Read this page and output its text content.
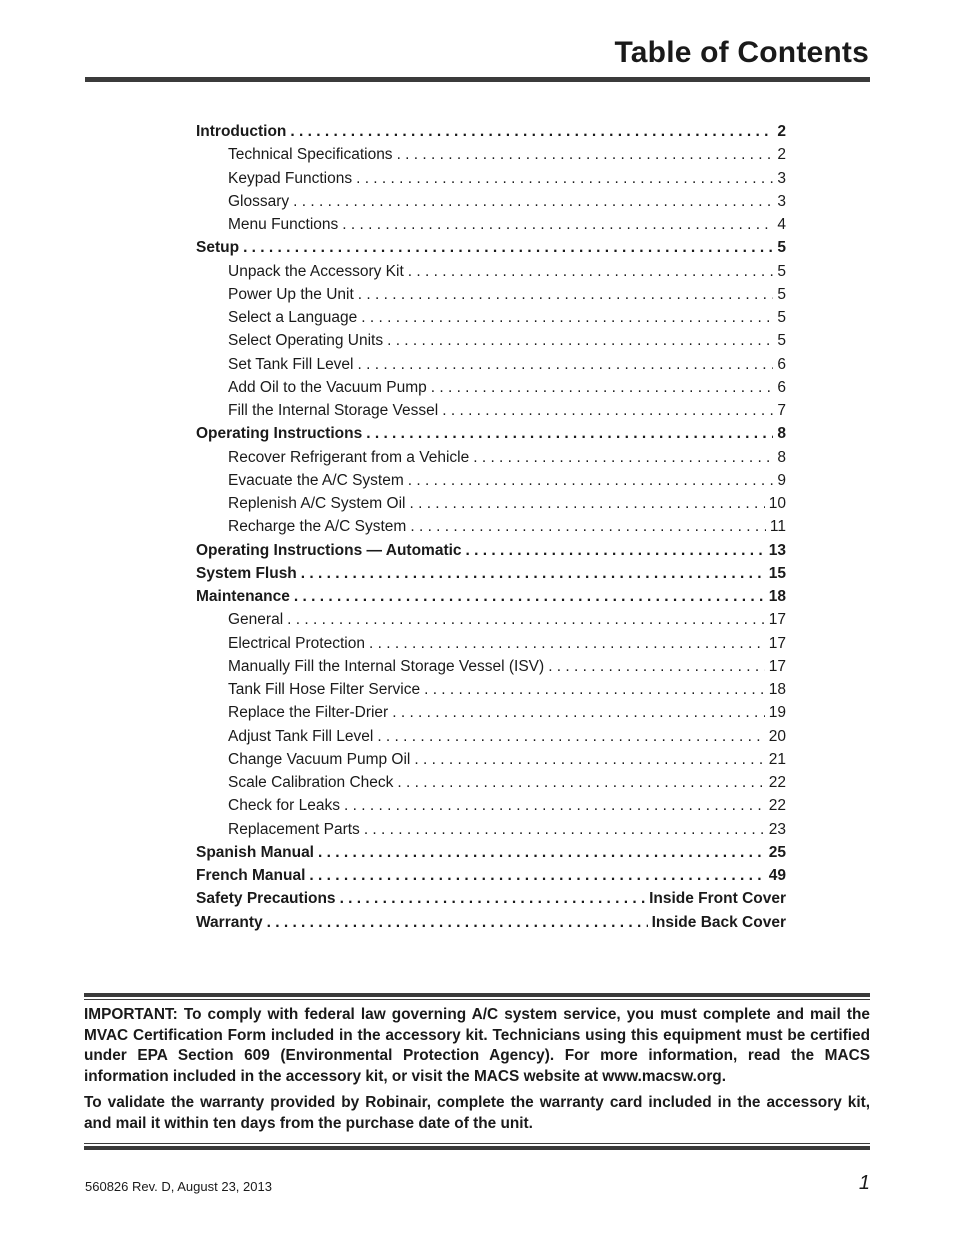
Table of Contents
Introduction . . .	2
Technical Specifications . . .	2
Keypad Functions . . .	3
Glossary . . .	3
Menu Functions . . .	4
Setup . . .	5
Unpack the Accessory Kit . . .	5
Power Up the Unit . . .	5
Select a Language . . .	5
Select Operating Units . . .	5
Set Tank Fill Level . . .	6
Add Oil to the Vacuum Pump . . .	6
Fill the Internal Storage Vessel . . .	7
Operating Instructions . . .	8
Recover Refrigerant from a Vehicle . . .	8
Evacuate the A/C System . . .	9
Replenish A/C System Oil . . .	10
Recharge the A/C System . . .	11
Operating Instructions — Automatic . . .	13
System Flush . . .	15
Maintenance . . .	18
General . . .	17
Electrical Protection . . .	17
Manually Fill the Internal Storage Vessel (ISV) . . .	17
Tank Fill Hose Filter Service . . .	18
Replace the Filter-Drier . . .	19
Adjust Tank Fill Level . . .	20
Change Vacuum Pump Oil . . .	21
Scale Calibration Check . . .	22
Check for Leaks . . .	22
Replacement Parts . . .	23
Spanish Manual . . .	25
French Manual . . .	49
Safety Precautions . . .	Inside Front Cover
Warranty . . .	Inside Back Cover

IMPORTANT: To comply with federal law governing A/C system service, you must complete and mail the MVAC Certification Form included in the accessory kit. Technicians using this equipment must be certified under EPA Section 609 (Environmental Protection Agency). For more information, read the MACS information included in the accessory kit, or visit the MACS website at www.macsw.org.

To validate the warranty provided by Robinair, complete the warranty card included in the accessory kit, and mail it within ten days from the purchase date of the unit.

560826 Rev. D, August 23, 2013	1
